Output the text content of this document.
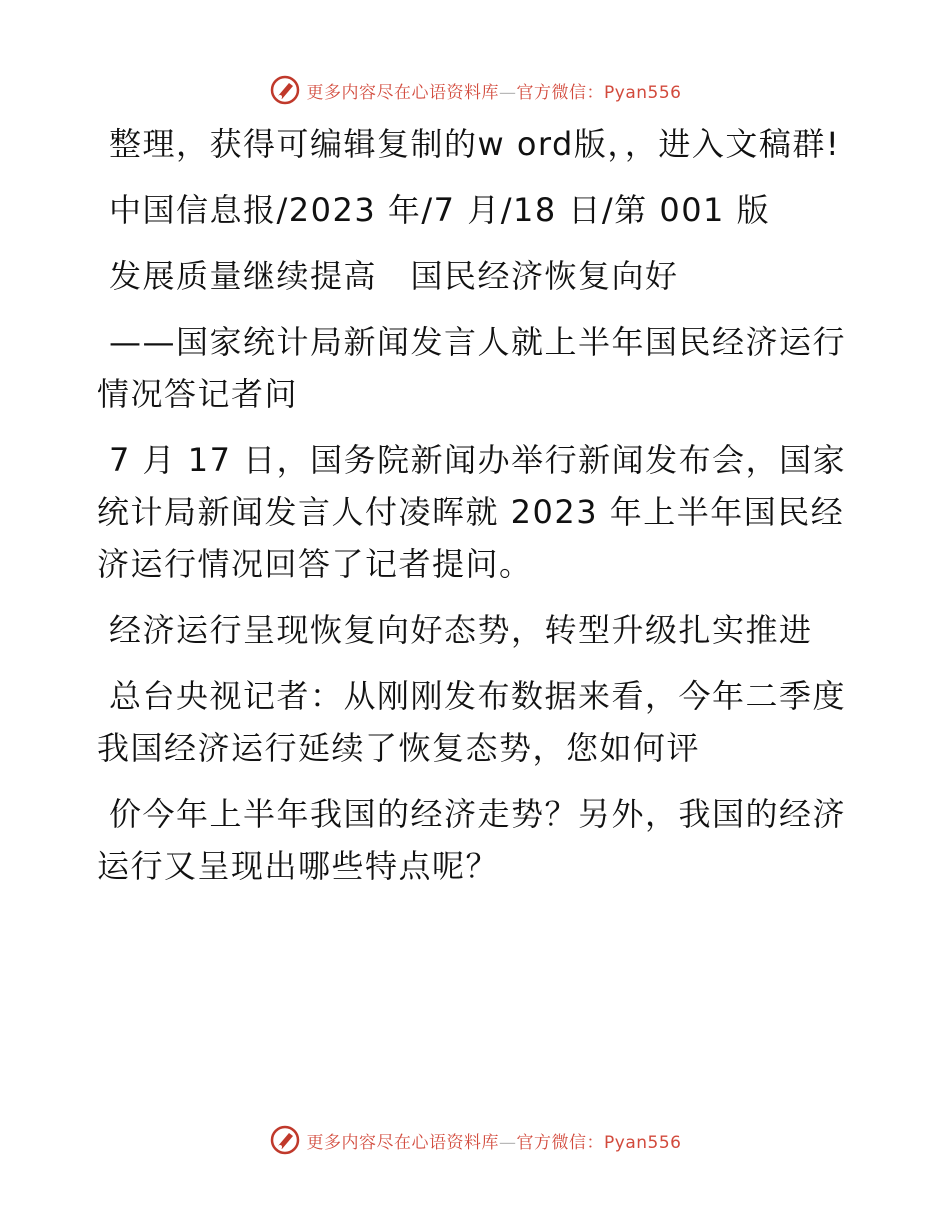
更多内容尽在心语资料库—官方微信：Pyan556

整理，获得可编辑复制的w ord版，，进入文稿群!

中国信息报/2023 年/7 月/18 日/第 001 版

发展质量继续提高　国民经济恢复向好

——国家统计局新闻发言人就上半年国民经济运行情况答记者问

7 月 17 日，国务院新闻办举行新闻发布会，国家统计局新闻发言人付凌晖就 2023 年上半年国民经济运行情况回答了记者提问。

经济运行呈现恢复向好态势，转型升级扎实推进

总台央视记者：从刚刚发布数据来看，今年二季度我国经济运行延续了恢复态势，您如何评

价今年上半年我国的经济走势？另外，我国的经济运行又呈现出哪些特点呢？

更多内容尽在心语资料库—官方微信：Pyan556
